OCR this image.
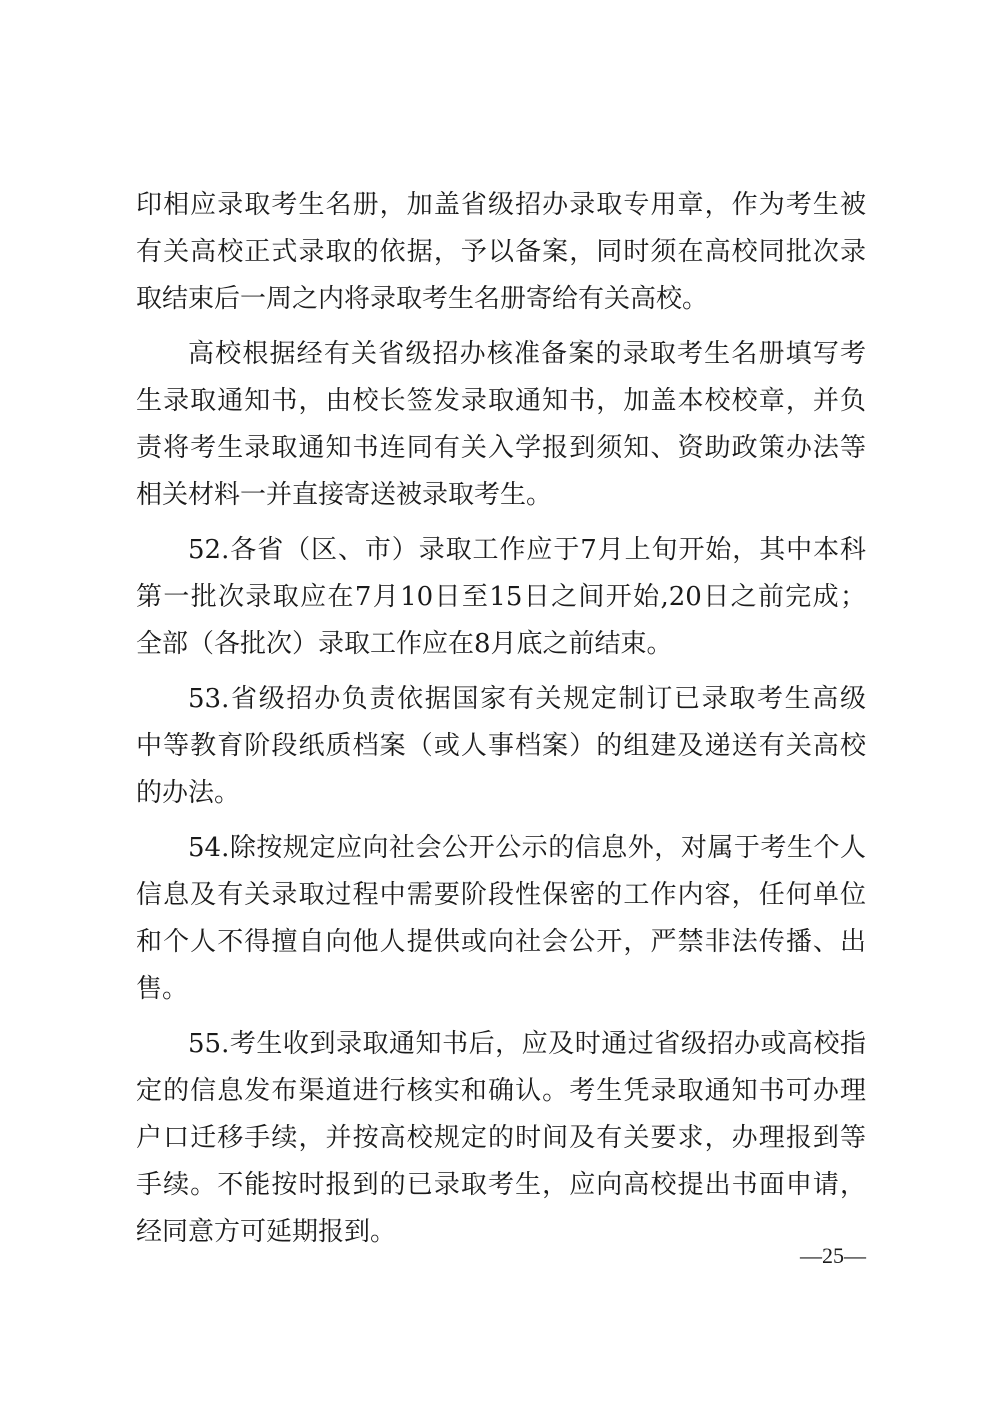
印相应录取考生名册，加盖省级招办录取专用章，作为考生被
有关高校正式录取的依据，予以备案，同时须在高校同批次录
取结束后一周之内将录取考生名册寄给有关高校。
高校根据经有关省级招办核准备案的录取考生名册填写考
生录取通知书，由校长签发录取通知书，加盖本校校章，并负
责将考生录取通知书连同有关入学报到须知、资助政策办法等
相关材料一并直接寄送被录取考生。
52.各省（区、市）录取工作应于7月上旬开始，其中本科
第一批次录取应在7月10日至15日之间开始,20日之前完成；
全部（各批次）录取工作应在8月底之前结束。
53.省级招办负责依据国家有关规定制订已录取考生高级
中等教育阶段纸质档案（或人事档案）的组建及递送有关高校
的办法。
54.除按规定应向社会公开公示的信息外，对属于考生个人
信息及有关录取过程中需要阶段性保密的工作内容，任何单位
和个人不得擅自向他人提供或向社会公开，严禁非法传播、出
售。
55.考生收到录取通知书后，应及时通过省级招办或高校指
定的信息发布渠道进行核实和确认。考生凭录取通知书可办理
户口迁移手续，并按高校规定的时间及有关要求，办理报到等
手续。不能按时报到的已录取考生，应向高校提出书面申请，
经同意方可延期报到。
—25—
